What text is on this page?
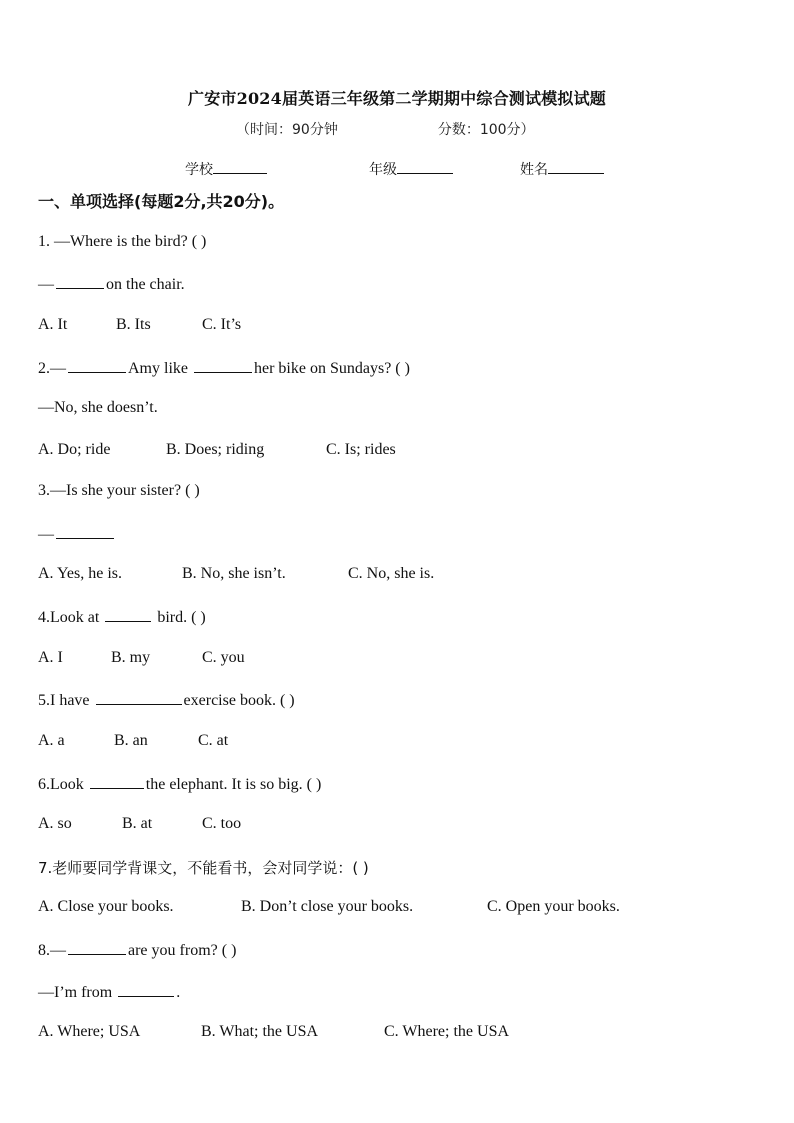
广安市2024届英语三年级第二学期期中综合测试模拟试题
（时间：90分钟	分数：100分）
学校	年级	姓名
一、单项选择(每题2分,共20分)。
1. —Where is the bird? ( )
—	on the chair.
A. It	B. Its	C. It’s
2.—	Amy like	her bike on Sundays? ( )
—No, she doesn’t.
A. Do; ride	B. Does; riding	C. Is; rides
3.—Is she your sister? ( )
—
A. Yes, he is.	B. No, she isn’t.	C. No, she is.
4.Look at	bird. ( )
A. I	B. my	C. you
5.I have	exercise book. ( )
A. a	B. an	C. at
6.Look	the elephant. It is so big. ( )
A. so	B. at	C. too
7.老师要同学背课文，不能看书，会对同学说：( )
A. Close your books.	B. Don’t close your books.	C. Open your books.
8.—	are you from? ( )
—I’m from	.
A. Where; USA	B. What; the USA	C. Where; the USA
